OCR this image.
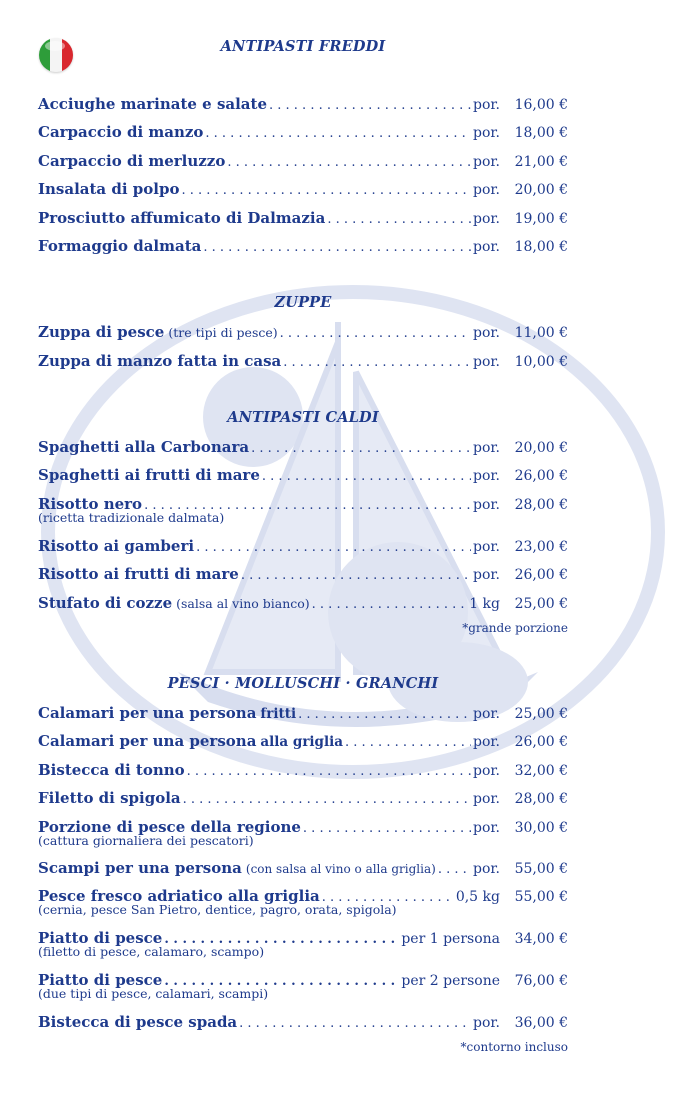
ANTIPASTI FREDDI
Acciughe marinate e salate . . .	por.	16,00 €
Carpaccio di manzo . . .	por.	18,00 €
Carpaccio di merluzzo . . .	por.	21,00 €
Insalata di polpo . . .	por.	20,00 €
Prosciutto affumicato di Dalmazia . . .	por.	19,00 €
Formaggio dalmata . . .	por.	18,00 €
ZUPPE
Zuppa di pesce (tre tipi di pesce) . . .	por.	11,00 €
Zuppa di manzo fatta in casa . . .	por.	10,00 €
ANTIPASTI CALDI
Spaghetti alla Carbonara . . .	por.	20,00 €
Spaghetti ai frutti di mare . . .	por.	26,00 €
Risotto nero . . .	por.	28,00 €
(ricetta tradizionale dalmata)
Risotto ai gamberi . . .	por.	23,00 €
Risotto ai frutti di mare . . .	por.	26,00 €
Stufato di cozze (salsa al vino bianco) . . .	1 kg	25,00 €
*grande porzione
PESCI · MOLLUSCHI · GRANCHI
Calamari per una persona fritti . . .	por.	25,00 €
Calamari per una persona alla griglia . . .	por.	26,00 €
Bistecca di tonno . . .	por.	32,00 €
Filetto di spigola . . .	por.	28,00 €
Porzione di pesce della regione . . .	por.	30,00 €
(cattura giornaliera dei pescatori)
Scampi per una persona (con salsa al vino o alla griglia) . . .	por.	55,00 €
Pesce fresco adriatico alla griglia . . .	0,5 kg	55,00 €
(cernia, pesce San Pietro, dentice, pagro, orata, spigola)
Piatto di pesce . . .	per 1 persona	34,00 €
(filetto di pesce, calamaro, scampo)
Piatto di pesce . . .	per 2 persone	76,00 €
(due tipi di pesce, calamari, scampi)
Bistecca di pesce spada . . .	por.	36,00 €
*contorno incluso
